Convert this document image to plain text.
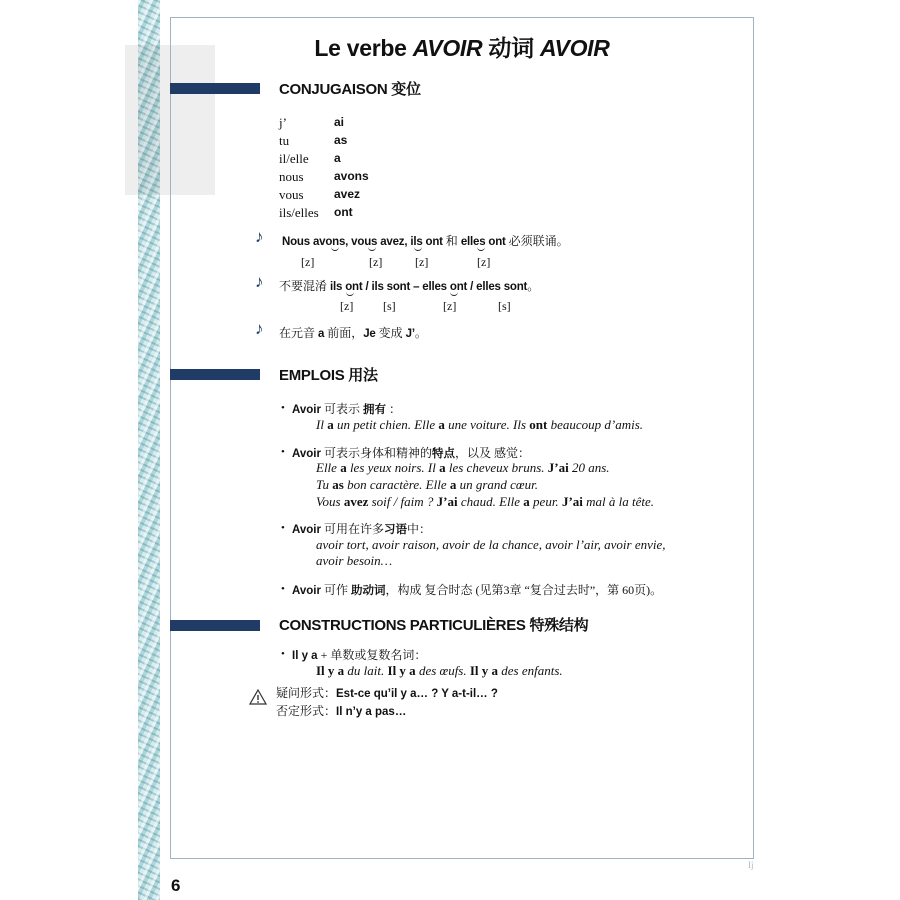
Le verbe AVOIR 动词 AVOIR
CONJUGAISON 变位
j’	ai
tu	as
il/elle a
nous	avons
vous	avez
ils/elles ont
♪ Nous avons, vous avez, ils ont 和 elles ont 必须联诵。
[z]	[z]	[z]	[z]
♪ 不要混淆 ils ont / ils sont – elles ont / elles sont。
[z] [s]	[z]	[s]
♪ 在元音 a 前面，Je 变成 J’。
EMPLOIS 用法
• Avoir 可表示 拥有 ：
Il a un petit chien. Elle a une voiture. Ils ont beaucoup d’amis.
• Avoir 可表示身体和精神的特点，以及 感觉：
Elle a les yeux noirs. Il a les cheveux bruns. J’ai 20 ans.
Tu as bon caractère. Elle a un grand cœur.
Vous avez soif / faim ? J’ai chaud. Elle a peur. J’ai mal à la tête.
• Avoir 可用在许多习语中：
avoir tort, avoir raison, avoir de la chance, avoir l’air, avoir envie,
avoir besoin…
• Avoir 可作 助动词，构成 复合时态 (见第3章 “复合过去时”，第 60页)。
CONSTRUCTIONS PARTICULIÈRES 特殊结构
• Il y a + 单数或复数名词：
Il y a du lait. Il y a des œufs. Il y a des enfants.
疑问形式：Est-ce qu’il y a… ? Y a-t-il… ?
否定形式：Il n’y a pas…
Ij
6
